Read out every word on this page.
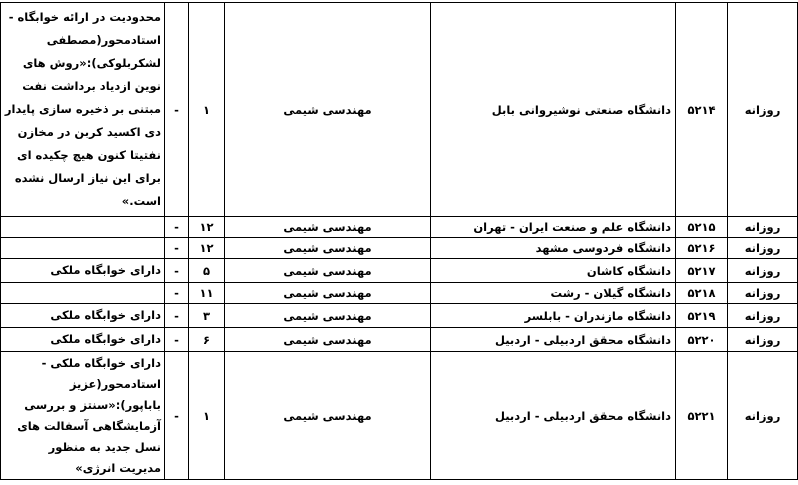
روزانه	۵۲۱۴	دانشگاه صنعتی نوشیروانی بابل	مهندسی شیمی	۱	-	محدودیت در ارائه خوابگاه - استادمحور(مصطفی لشکربلوکی):«روش های نوین ازدیاد برداشت نفت مبتنی بر ذخیره سازی پایدار دی اکسید کربن در مخازن نفتیتا کنون هیچ چکیده ای برای این نیاز ارسال نشده است.»
روزانه	۵۲۱۵	دانشگاه علم و صنعت ایران - تهران	مهندسی شیمی	۱۲	-	
روزانه	۵۲۱۶	دانشگاه فردوسی مشهد	مهندسی شیمی	۱۲	-	
روزانه	۵۲۱۷	دانشگاه کاشان	مهندسی شیمی	۵	-	دارای خوابگاه ملکی
روزانه	۵۲۱۸	دانشگاه گیلان - رشت	مهندسی شیمی	۱۱	-	
روزانه	۵۲۱۹	دانشگاه مازندران - بابلسر	مهندسی شیمی	۳	-	دارای خوابگاه ملکی
روزانه	۵۲۲۰	دانشگاه محقق اردبیلی - اردبیل	مهندسی شیمی	۶	-	دارای خوابگاه ملکی
روزانه	۵۲۲۱	دانشگاه محقق اردبیلی - اردبیل	مهندسی شیمی	۱	-	دارای خوابگاه ملکی - استادمحور(عزیز باباپور):«سنتز و بررسی آزمایشگاهی آسفالت های نسل جدید به منظور مدیریت انرژی»
